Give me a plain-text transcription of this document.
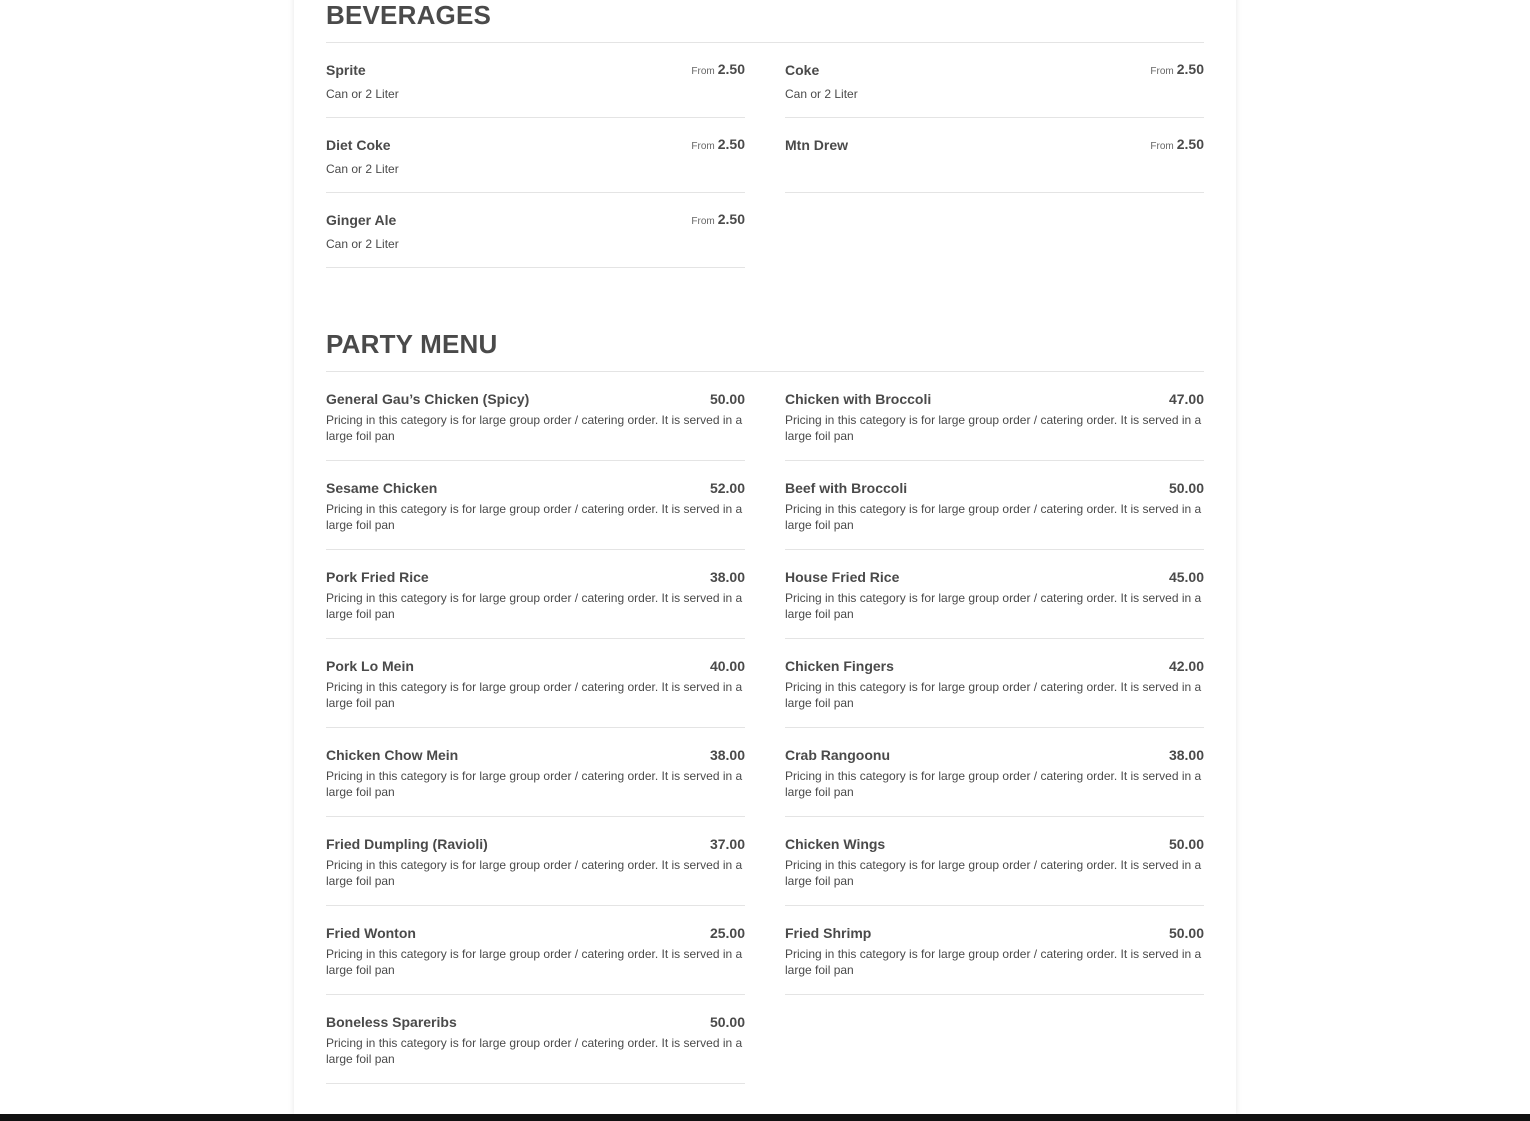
BEVERAGES
Sprite	From 2.50
Can or 2 Liter
Diet Coke	From 2.50
Can or 2 Liter
Ginger Ale	From 2.50
Can or 2 Liter
Coke	From 2.50
Can or 2 Liter
Mtn Drew	From 2.50
PARTY MENU
General Gau’s Chicken (Spicy)	50.00
Pricing in this category is for large group order / catering order. It is served in a large foil pan
Sesame Chicken	52.00
Pricing in this category is for large group order / catering order. It is served in a large foil pan
Pork Fried Rice	38.00
Pricing in this category is for large group order / catering order. It is served in a large foil pan
Pork Lo Mein	40.00
Pricing in this category is for large group order / catering order. It is served in a large foil pan
Chicken Chow Mein	38.00
Pricing in this category is for large group order / catering order. It is served in a large foil pan
Fried Dumpling (Ravioli)	37.00
Pricing in this category is for large group order / catering order. It is served in a large foil pan
Fried Wonton	25.00
Pricing in this category is for large group order / catering order. It is served in a large foil pan
Boneless Spareribs	50.00
Pricing in this category is for large group order / catering order. It is served in a large foil pan
Chicken with Broccoli	47.00
Pricing in this category is for large group order / catering order. It is served in a large foil pan
Beef with Broccoli	50.00
Pricing in this category is for large group order / catering order. It is served in a large foil pan
House Fried Rice	45.00
Pricing in this category is for large group order / catering order. It is served in a large foil pan
Chicken Fingers	42.00
Pricing in this category is for large group order / catering order. It is served in a large foil pan
Crab Rangoonu	38.00
Pricing in this category is for large group order / catering order. It is served in a large foil pan
Chicken Wings	50.00
Pricing in this category is for large group order / catering order. It is served in a large foil pan
Fried Shrimp	50.00
Pricing in this category is for large group order / catering order. It is served in a large foil pan
